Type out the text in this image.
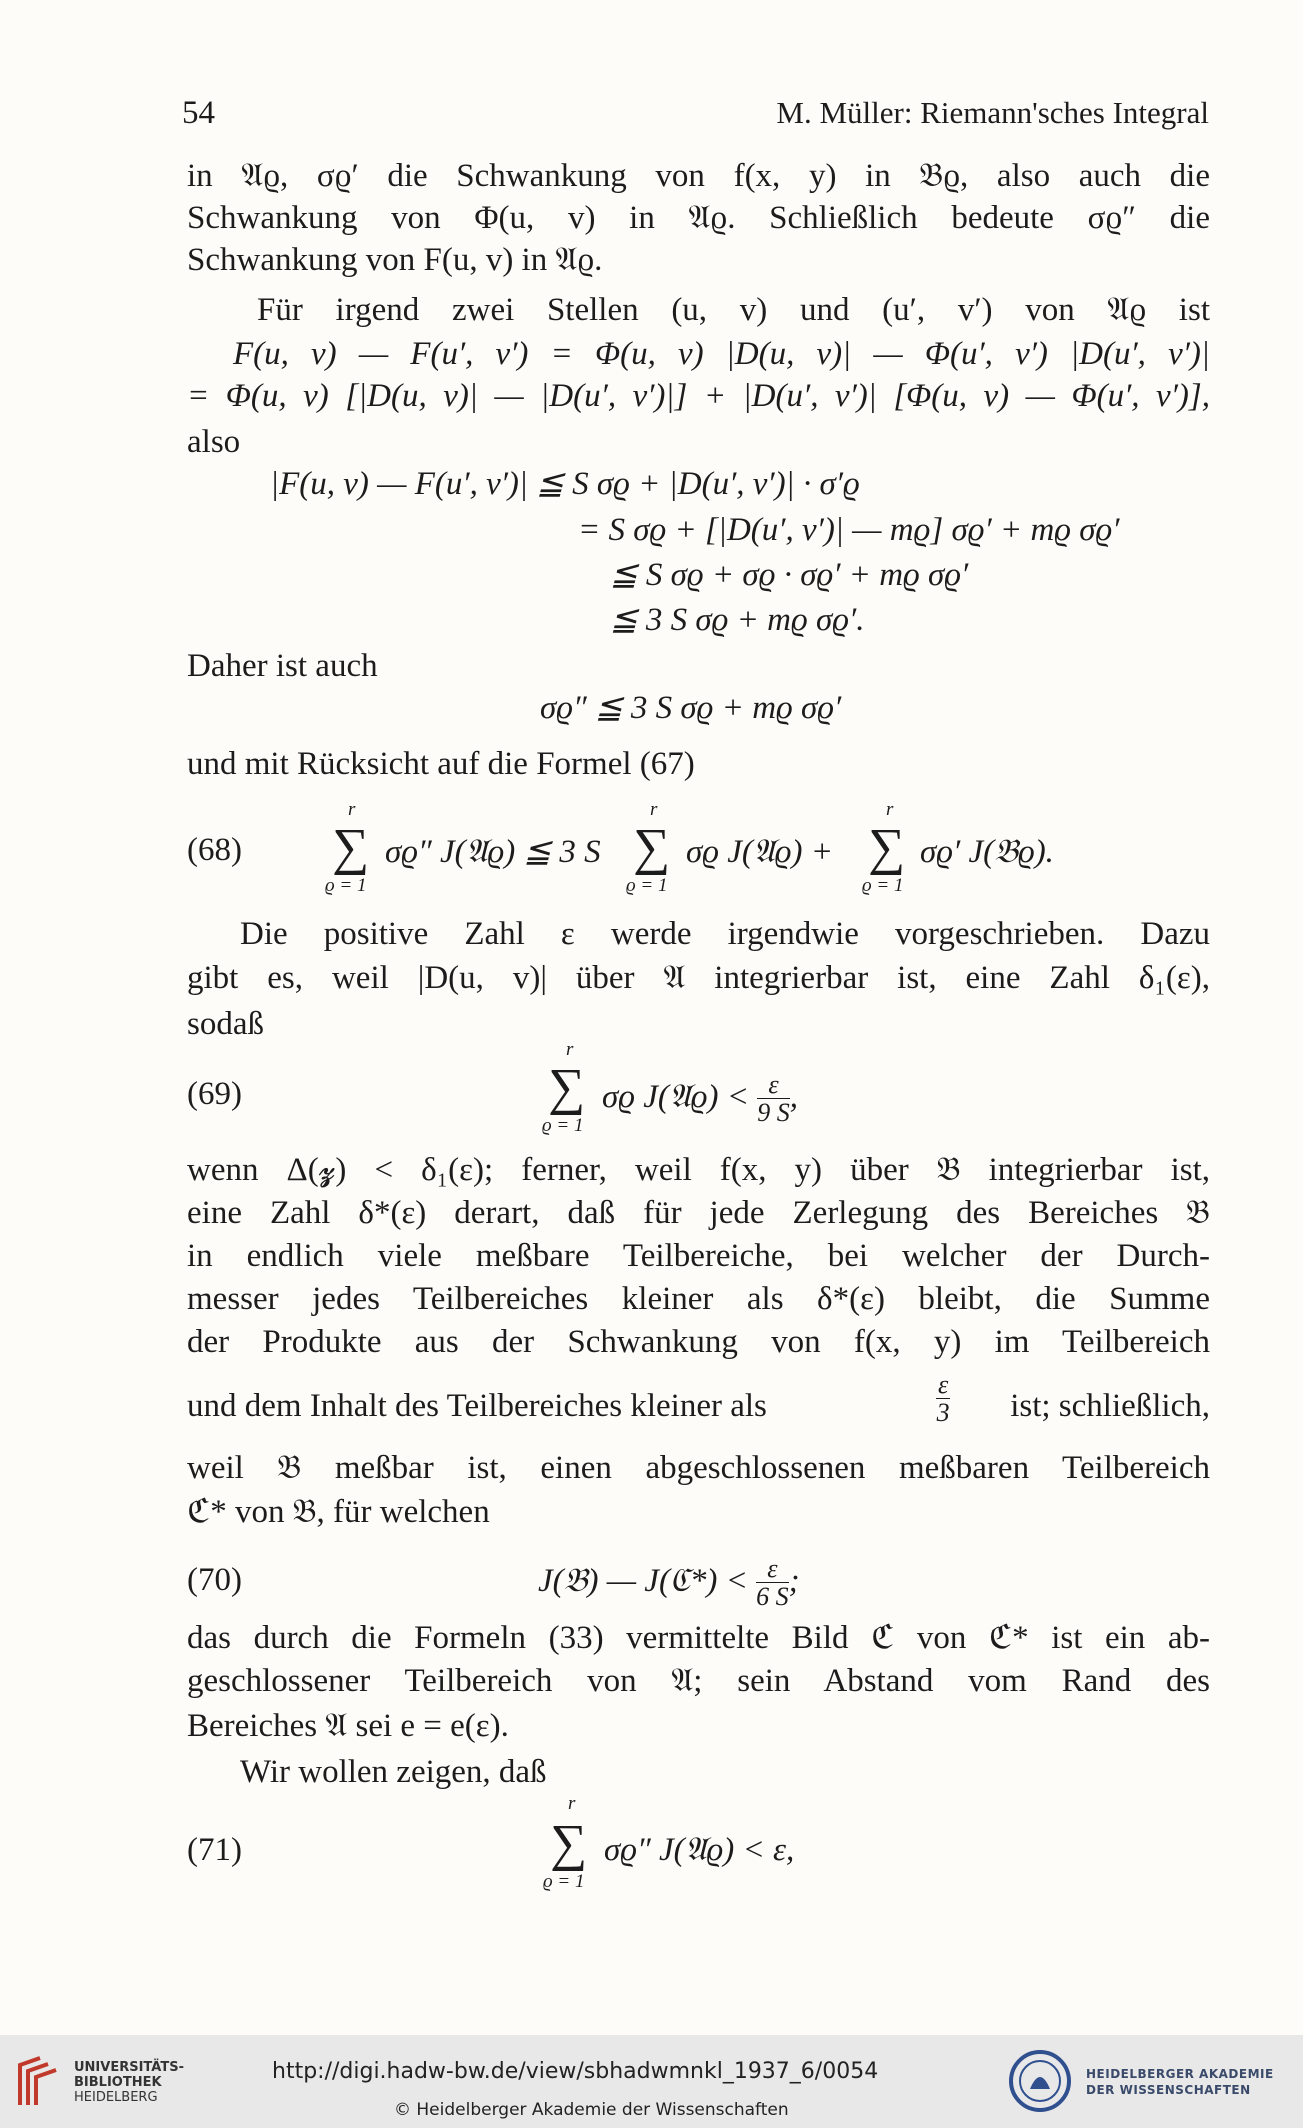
54	M. Müller: Riemann'sches Integral
in 𝔄ϱ, σϱ′ die Schwankung von f(x, y) in 𝔅ϱ, also auch die
Schwankung von Φ(u, v) in 𝔄ϱ. Schließlich bedeute σϱ″ die
Schwankung von F(u, v) in 𝔄ϱ.
Für irgend zwei Stellen (u, v) und (u′, v′) von 𝔄ϱ ist
F(u, v) — F(u′, v′) = Φ(u, v) |D(u, v)| — Φ(u′, v′) |D(u′, v′)|
= Φ(u, v) [|D(u, v)| — |D(u′, v′)|] + |D(u′, v′)| [Φ(u, v) — Φ(u′, v′)],
also
|F(u, v) — F(u′, v′)| ≦ S σϱ + |D(u′, v′)| · σ′ϱ
= S σϱ + [|D(u′, v′)| — mϱ] σϱ′ + mϱ σϱ′
≦ S σϱ + σϱ · σϱ′ + mϱ σϱ′
≦ 3 S σϱ + mϱ σϱ′.
Daher ist auch
σϱ″ ≦ 3 S σϱ + mϱ σϱ′
und mit Rücksicht auf die Formel (67)
(68)
r
∑
ϱ = 1
σϱ″ J(𝔄ϱ) ≦ 3 S
r
∑
ϱ = 1
σϱ J(𝔄ϱ) +
r
∑
ϱ = 1
σϱ′ J(𝔅ϱ).
Die positive Zahl ε werde irgendwie vorgeschrieben. Dazu
gibt es, weil |D(u, v)| über 𝔄 integrierbar ist, eine Zahl δ₁(ε),
sodaß
(69)
r
∑
ϱ = 1
σϱ J(𝔄ϱ) < $\frac{\varepsilon}{9 S}$ ,
wenn Δ(𝔃) < δ₁(ε); ferner, weil f(x, y) über 𝔅 integrierbar ist,
eine Zahl δ*(ε) derart, daß für jede Zerlegung des Bereiches 𝔅
in endlich viele meßbare Teilbereiche, bei welcher der Durch-
messer jedes Teilbereiches kleiner als δ*(ε) bleibt, die Summe
der Produkte aus der Schwankung von f(x, y) im Teilbereich
und dem Inhalt des Teilbereiches kleiner als	$\frac{\varepsilon}{3}$ ist; schließlich,
weil 𝔅 meßbar ist, einen abgeschlossenen meßbaren Teilbereich
ℭ* von 𝔅, für welchen
(70)	J(𝔅) — J(ℭ*) < $\frac{\varepsilon}{6 S}$ ;
das durch die Formeln (33) vermittelte Bild ℭ von ℭ* ist ein ab-
geschlossener Teilbereich von 𝔄; sein Abstand vom Rand des
Bereiches 𝔄 sei e = e(ε).
Wir wollen zeigen, daß
(71)
r
∑
ϱ = 1
σϱ″ J(𝔄ϱ) < ε,
UNIVERSITÄTS-
BIBLIOTHEK
HEIDELBERG
http://digi.hadw-bw.de/view/sbhadwmnkl_1937_6/0054
© Heidelberger Akademie der Wissenschaften
HEIDELBERGER AKADEMIE
DER WISSENSCHAFTEN
